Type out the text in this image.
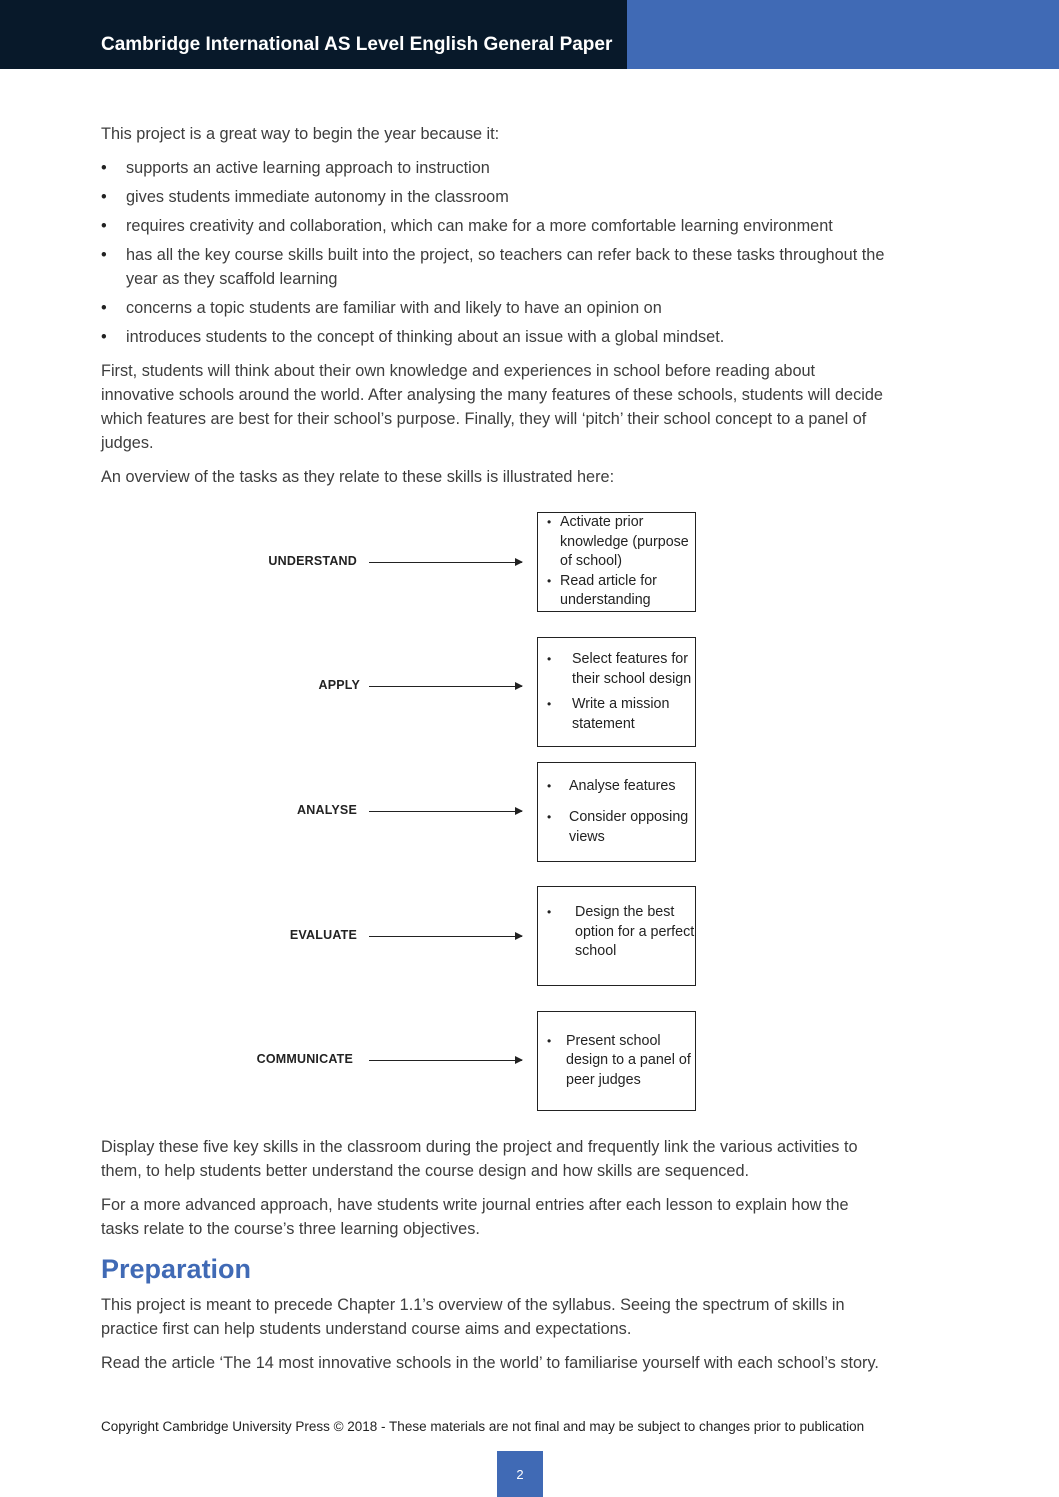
Cambridge International AS Level English General Paper

This project is a great way to begin the year because it:

• supports an active learning approach to instruction
• gives students immediate autonomy in the classroom
• requires creativity and collaboration, which can make for a more comfortable learning environment
• has all the key course skills built into the project, so teachers can refer back to these tasks throughout the year as they scaffold learning
• concerns a topic students are familiar with and likely to have an opinion on
• introduces students to the concept of thinking about an issue with a global mindset.

First, students will think about their own knowledge and experiences in school before reading about innovative schools around the world. After analysing the many features of these schools, students will decide which features are best for their school’s purpose. Finally, they will ‘pitch’ their school concept to a panel of judges.

An overview of the tasks as they relate to these skills is illustrated here:

UNDERSTAND
• Activate prior knowledge (purpose of school)
• Read article for understanding
APPLY
• Select features for their school design
• Write a mission statement
ANALYSE
• Analyse features
• Consider opposing views
EVALUATE
• Design the best option for a perfect school
COMMUNICATE
• Present school design to a panel of peer judges

Display these five key skills in the classroom during the project and frequently link the various activities to them, to help students better understand the course design and how skills are sequenced.

For a more advanced approach, have students write journal entries after each lesson to explain how the tasks relate to the course’s three learning objectives.

Preparation

This project is meant to precede Chapter 1.1’s overview of the syllabus. Seeing the spectrum of skills in practice first can help students understand course aims and expectations.

Read the article ‘The 14 most innovative schools in the world’ to familiarise yourself with each school’s story.

Copyright Cambridge University Press © 2018 - These materials are not final and may be subject to changes prior to publication
2
